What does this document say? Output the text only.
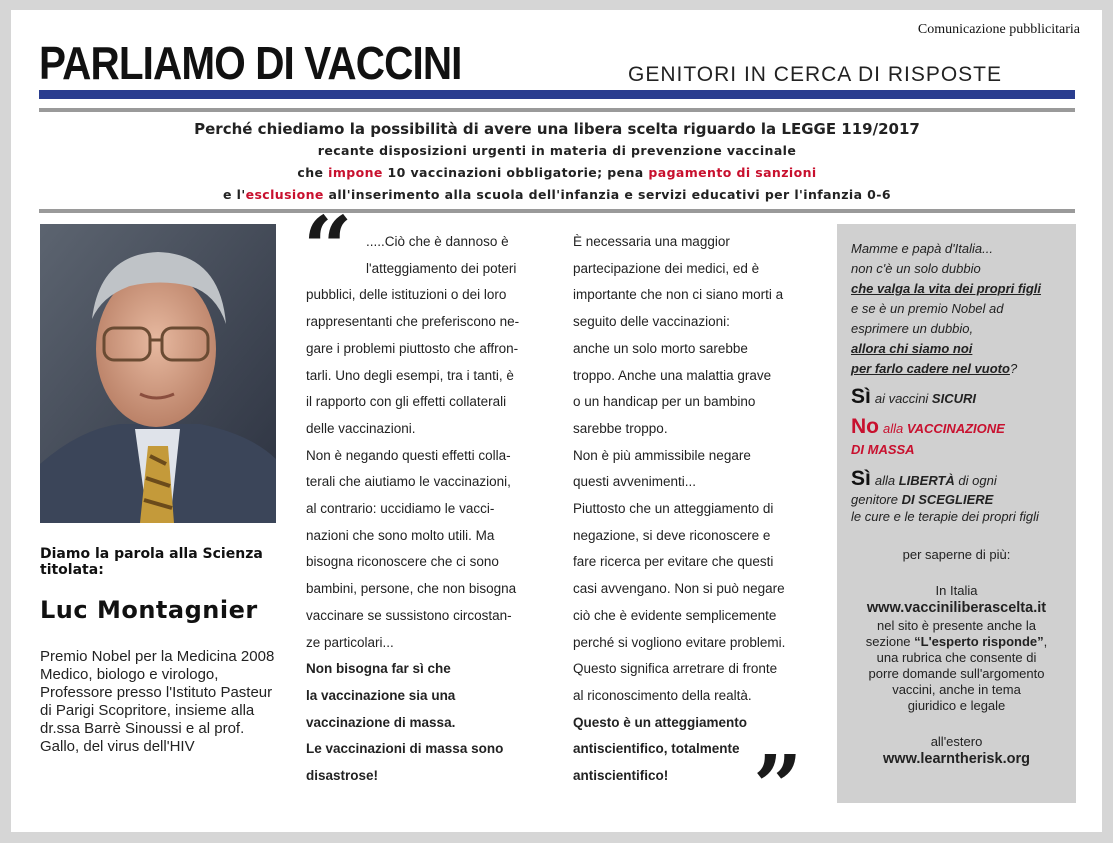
Comunicazione pubblicitaria
PARLIAMO DI VACCINI	GENITORI IN CERCA DI RISPOSTE
Perché chiediamo la possibilità di avere una libera scelta riguardo la LEGGE 119/2017
recante disposizioni urgenti in materia di prevenzione vaccinale
che impone 10 vaccinazioni obbligatorie; pena pagamento di sanzioni
e l'esclusione all'inserimento alla scuola dell'infanzia e servizi educativi per l'infanzia 0-6
Diamo la parola alla Scienza titolata:
Luc Montagnier
Premio Nobel per la Medicina 2008 Medico, biologo e virologo, Professore presso l'Istituto Pasteur di Parigi Scopritore, insieme alla dr.ssa Barrè Sinoussi e al prof. Gallo, del virus dell'HIV
“
”

.....Ciò che è dannoso è

l'atteggiamento dei poteri

pubblici, delle istituzioni o dei loro

rappresentanti che preferiscono ne-

gare i problemi piuttosto che affron-

tarli. Uno degli esempi, tra i tanti, è

il rapporto con gli effetti collaterali

delle vaccinazioni.

Non è negando questi effetti colla-

terali che aiutiamo le vaccinazioni,

al contrario: uccidiamo le vacci-

nazioni che sono molto utili. Ma

bisogna riconoscere che ci sono

bambini, persone, che non bisogna

vaccinare se sussistono circostan-

ze particolari...

Non bisogna far sì che

la vaccinazione sia una

vaccinazione di massa.

Le vaccinazioni di massa sono

disastrose!

È necessaria una maggior

partecipazione dei medici, ed è

importante che non ci siano morti a

seguito delle vaccinazioni:

anche un solo morto sarebbe

troppo. Anche una malattia grave

o un handicap per un bambino

sarebbe troppo.

Non è più ammissibile negare

questi avvenimenti...

Piuttosto che un atteggiamento di

negazione, si deve riconoscere e

fare ricerca per evitare che questi

casi avvengano. Non si può negare

ciò che è evidente semplicemente

perché si vogliono evitare problemi.

Questo significa arretrare di fronte

al riconoscimento della realtà.

Questo è un atteggiamento

antiscientifico, totalmente

antiscientifico!

Mamme e papà d'Italia...

non c'è un solo dubbio

che valga la vita dei propri figli

e se è un premio Nobel ad

esprimere un dubbio,

allora chi siamo noi

per farlo cadere nel vuoto?

Sì ai vaccini SICURI

No alla VACCINAZIONE

DI MASSA

Sì alla LIBERTÀ di ogni

genitore DI SCEGLIERE

le cure e le terapie dei propri figli

per saperne di più:

In Italia

www.vacciniliberascelta.it

nel sito è presente anche la

sezione “L'esperto risponde”,

una rubrica che consente di

porre domande sull'argomento

vaccini, anche in tema

giuridico e legale

all'estero

www.learntherisk.org
